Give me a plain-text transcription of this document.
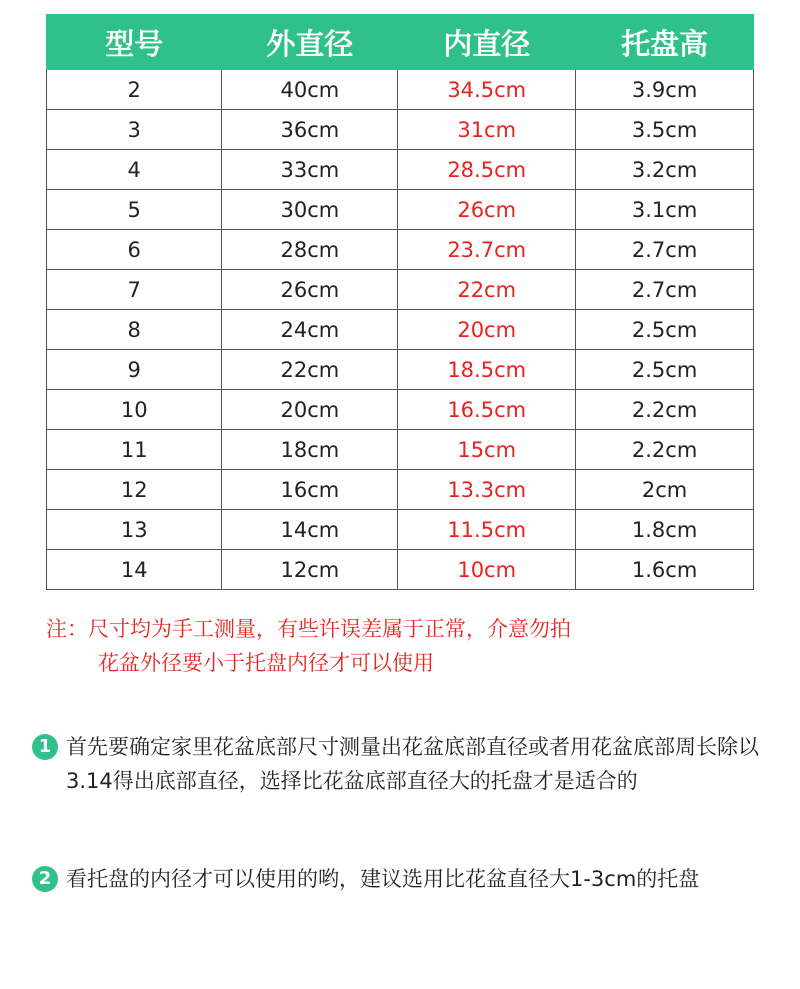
型号	外直径	内直径	托盘高
2	40cm	34.5cm	3.9cm
3	36cm	31cm	3.5cm
4	33cm	28.5cm	3.2cm
5	30cm	26cm	3.1cm
6	28cm	23.7cm	2.7cm
7	26cm	22cm	2.7cm
8	24cm	20cm	2.5cm
9	22cm	18.5cm	2.5cm
10	20cm	16.5cm	2.2cm
11	18cm	15cm	2.2cm
12	16cm	13.3cm	2cm
13	14cm	11.5cm	1.8cm
14	12cm	10cm	1.6cm
注：尺寸均为手工测量，有些许误差属于正常，介意勿拍
花盆外径要小于托盘内径才可以使用
1 首先要确定家里花盆底部尺寸测量出花盆底部直径或者用花盆底部周长除以3.14得出底部直径，选择比花盆底部直径大的托盘才是适合的
2 看托盘的内径才可以使用的哟，建议选用比花盆直径大1-3cm的托盘
